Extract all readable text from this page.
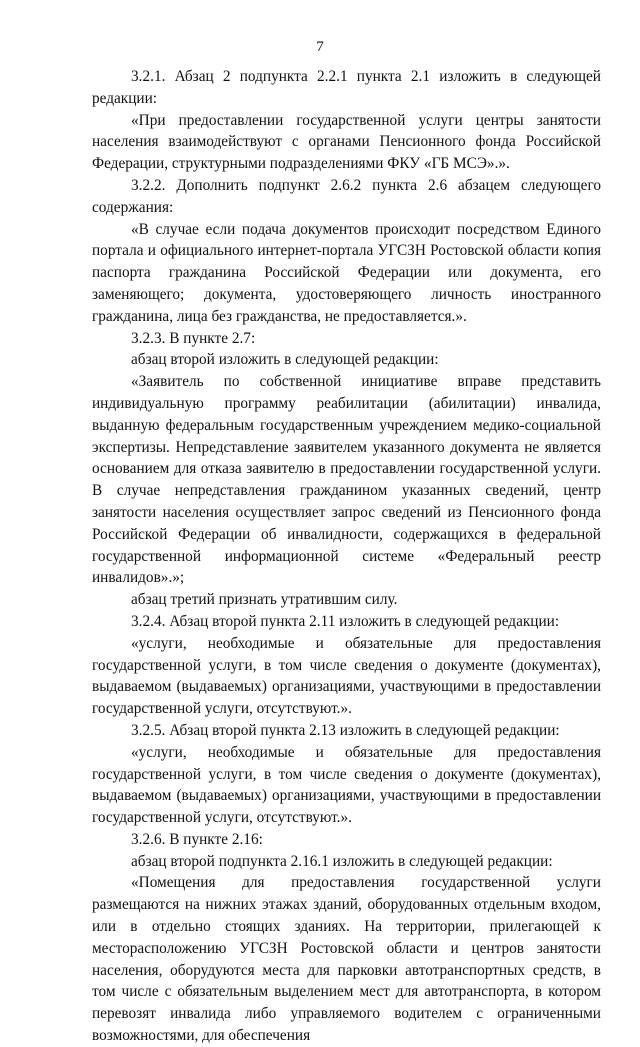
7

3.2.1. Абзац 2 подпункта 2.2.1 пункта 2.1 изложить в следующей редакции:

«При предоставлении государственной услуги центры занятости населения взаимодействуют с органами Пенсионного фонда Российской Федерации, структурными подразделениями ФКУ «ГБ МСЭ».».

3.2.2. Дополнить подпункт 2.6.2 пункта 2.6 абзацем следующего содержания:

«В случае если подача документов происходит посредством Единого портала и официального интернет-портала УГСЗН Ростовской области копия паспорта гражданина Российской Федерации или документа, его заменяющего; документа, удостоверяющего личность иностранного гражданина, лица без гражданства, не предоставляется.».

3.2.3. В пункте 2.7:

абзац второй изложить в следующей редакции:

«Заявитель по собственной инициативе вправе представить индивидуальную программу реабилитации (абилитации) инвалида, выданную федеральным государственным учреждением медико-социальной экспертизы. Непредставление заявителем указанного документа не является основанием для отказа заявителю в предоставлении государственной услуги. В случае непредставления гражданином указанных сведений, центр занятости населения осуществляет запрос сведений из Пенсионного фонда Российской Федерации об инвалидности, содержащихся в федеральной государственной информационной системе «Федеральный реестр инвалидов».»;

абзац третий признать утратившим силу.

3.2.4. Абзац второй пункта 2.11 изложить в следующей редакции:

«услуги, необходимые и обязательные для предоставления государственной услуги, в том числе сведения о документе (документах), выдаваемом (выдаваемых) организациями, участвующими в предоставлении государственной услуги, отсутствуют.».

3.2.5. Абзац второй пункта 2.13 изложить в следующей редакции:

«услуги, необходимые и обязательные для предоставления государственной услуги, в том числе сведения о документе (документах), выдаваемом (выдаваемых) организациями, участвующими в предоставлении государственной услуги, отсутствуют.».

3.2.6. В пункте 2.16:

абзац второй подпункта 2.16.1 изложить в следующей редакции:

«Помещения для предоставления государственной услуги размещаются на нижних этажах зданий, оборудованных отдельным входом, или в отдельно стоящих зданиях. На территории, прилегающей к месторасположению УГСЗН Ростовской области и центров занятости населения, оборудуются места для парковки автотранспортных средств, в том числе с обязательным выделением мест для автотранспорта, в котором перевозят инвалида либо управляемого водителем с ограниченными возможностями, для обеспечения
